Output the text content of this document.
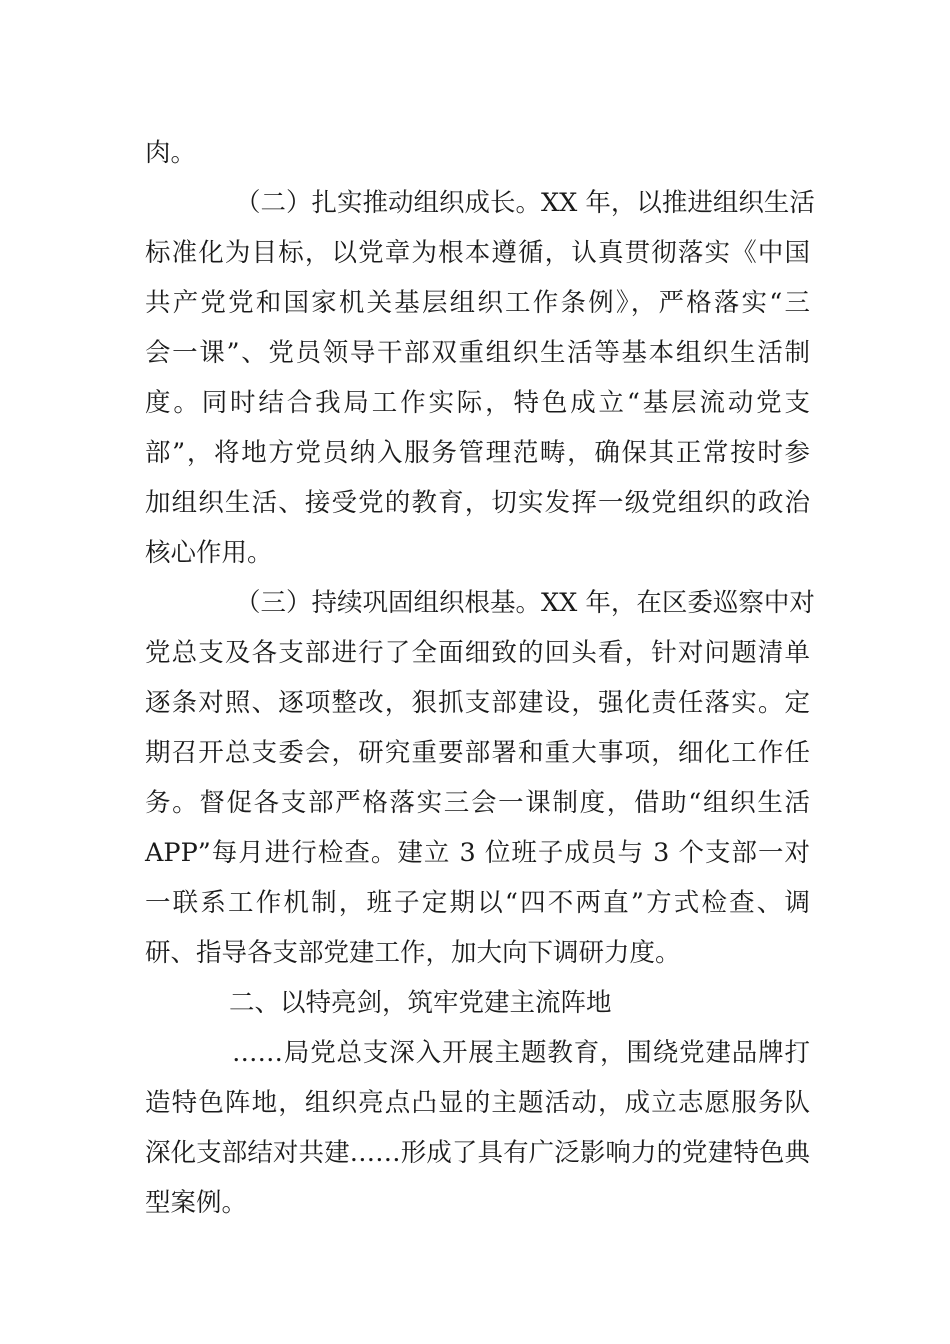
肉。
（二）扎实推动组织成长。XX 年，以推进组织生活
标准化为目标，以党章为根本遵循，认真贯彻落实《中国
共产党党和国家机关基层组织工作条例》，严格落实“三
会一课”、党员领导干部双重组织生活等基本组织生活制
度。同时结合我局工作实际，特色成立“基层流动党支
部”，将地方党员纳入服务管理范畴，确保其正常按时参
加组织生活、接受党的教育，切实发挥一级党组织的政治
核心作用。
（三）持续巩固组织根基。XX 年，在区委巡察中对
党总支及各支部进行了全面细致的回头看，针对问题清单
逐条对照、逐项整改，狠抓支部建设，强化责任落实。定
期召开总支委会，研究重要部署和重大事项，细化工作任
务。督促各支部严格落实三会一课制度，借助“组织生活
APP”每月进行检查。建立 3 位班子成员与 3 个支部一对
一联系工作机制，班子定期以“四不两直”方式检查、调
研、指导各支部党建工作，加大向下调研力度。
二、以特亮剑，筑牢党建主流阵地
……局党总支深入开展主题教育，围绕党建品牌打
造特色阵地，组织亮点凸显的主题活动，成立志愿服务队
深化支部结对共建……形成了具有广泛影响力的党建特色典
型案例。
